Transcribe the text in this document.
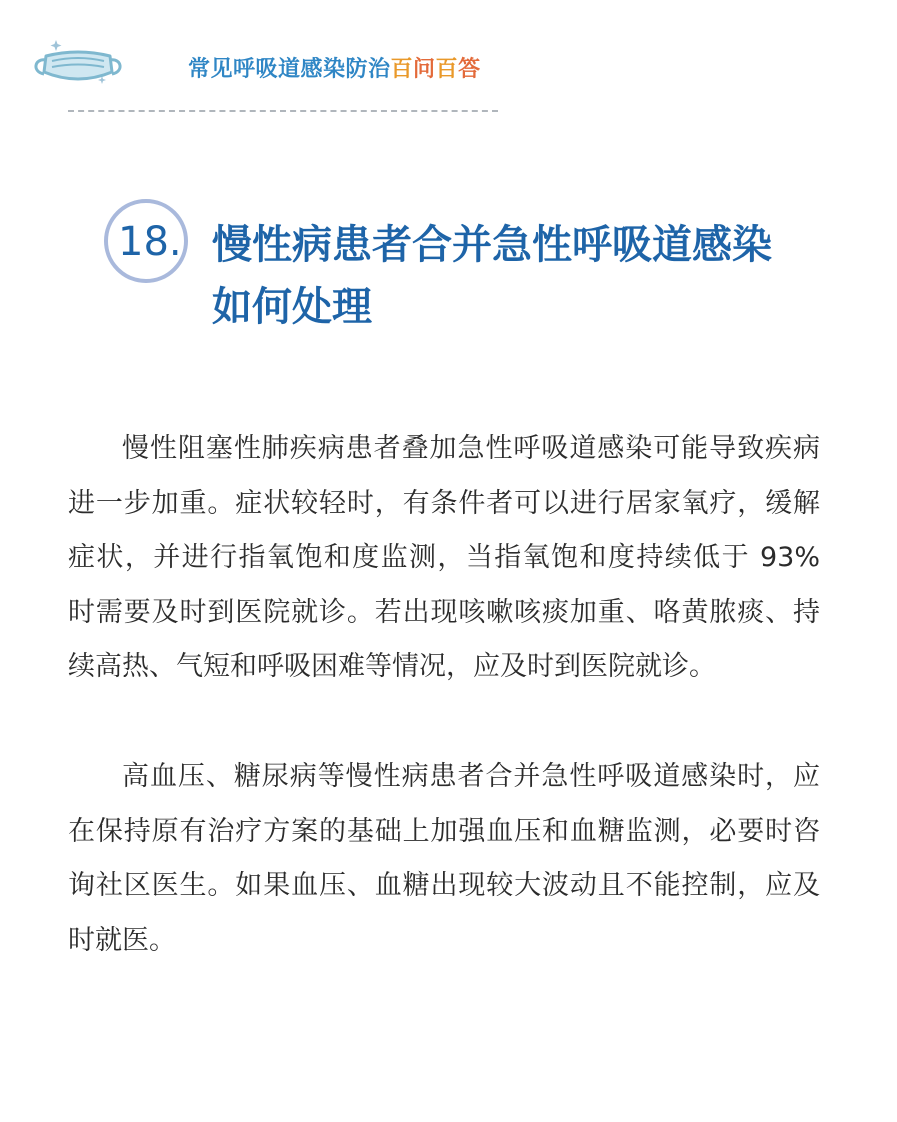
常见呼吸道感染防治百问百答
18. 慢性病患者合并急性呼吸道感染
如何处理

慢性阻塞性肺疾病患者叠加急性呼吸道感染可能导致疾病进一步加重。症状较轻时，有条件者可以进行居家氧疗，缓解症状，并进行指氧饱和度监测，当指氧饱和度持续低于 93% 时需要及时到医院就诊。若出现咳嗽咳痰加重、咯黄脓痰、持续高热、气短和呼吸困难等情况，应及时到医院就诊。

高血压、糖尿病等慢性病患者合并急性呼吸道感染时，应在保持原有治疗方案的基础上加强血压和血糖监测，必要时咨询社区医生。如果血压、血糖出现较大波动且不能控制，应及时就医。
